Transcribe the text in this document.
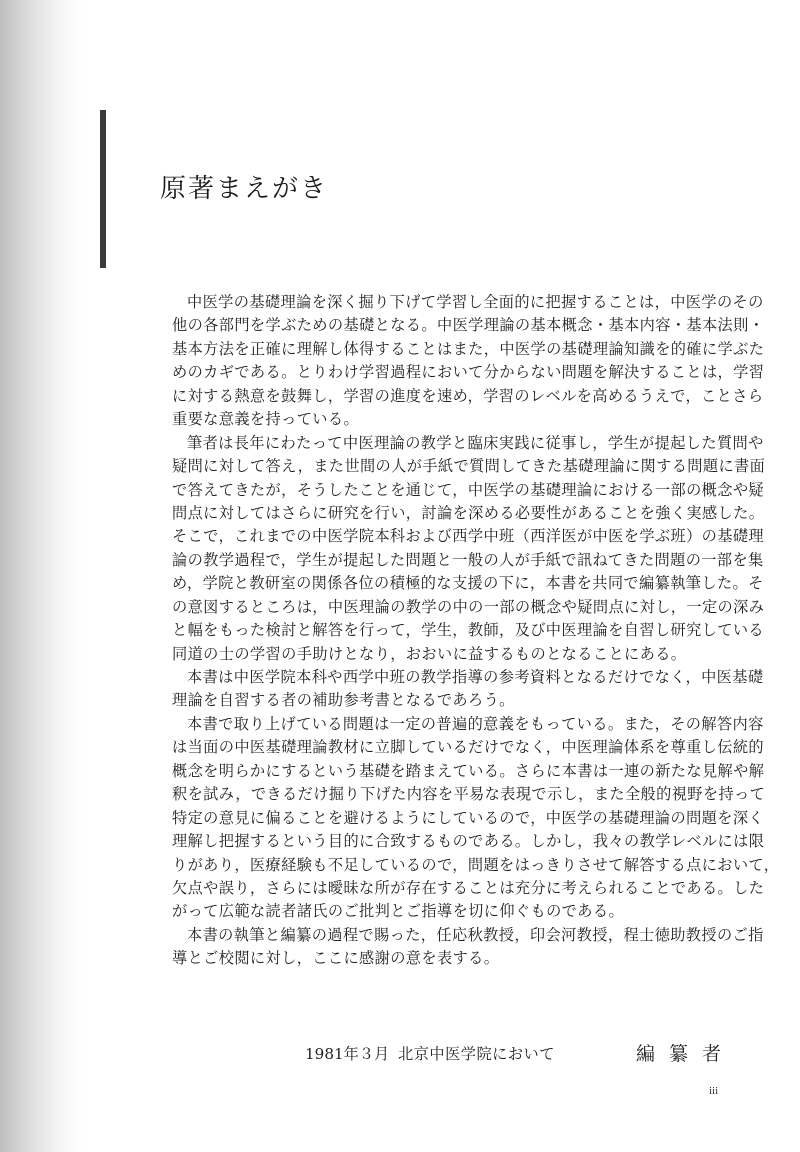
原著まえがき
中医学の基礎理論を深く掘り下げて学習し全面的に把握することは，中医学のその
他の各部門を学ぶための基礎となる。中医学理論の基本概念・基本内容・基本法則・
基本方法を正確に理解し体得することはまた，中医学の基礎理論知識を的確に学ぶた
めのカギである。とりわけ学習過程において分からない問題を解決することは，学習
に対する熱意を鼓舞し，学習の進度を速め，学習のレベルを高めるうえで，ことさら
重要な意義を持っている。
筆者は長年にわたって中医理論の教学と臨床実践に従事し，学生が提起した質問や
疑問に対して答え，また世間の人が手紙で質問してきた基礎理論に関する問題に書面
で答えてきたが，そうしたことを通じて，中医学の基礎理論における一部の概念や疑
問点に対してはさらに研究を行い，討論を深める必要性があることを強く実感した。
そこで，これまでの中医学院本科および西学中班（西洋医が中医を学ぶ班）の基礎理
論の教学過程で，学生が提起した問題と一般の人が手紙で訊ねてきた問題の一部を集
め，学院と教研室の関係各位の積極的な支援の下に，本書を共同で編纂執筆した。そ
の意図するところは，中医理論の教学の中の一部の概念や疑問点に対し，一定の深み
と幅をもった検討と解答を行って，学生，教師，及び中医理論を自習し研究している
同道の士の学習の手助けとなり，おおいに益するものとなることにある。
本書は中医学院本科や西学中班の教学指導の参考資料となるだけでなく，中医基礎
理論を自習する者の補助参考書となるであろう。
本書で取り上げている問題は一定の普遍的意義をもっている。また，その解答内容
は当面の中医基礎理論教材に立脚しているだけでなく，中医理論体系を尊重し伝統的
概念を明らかにするという基礎を踏まえている。さらに本書は一連の新たな見解や解
釈を試み，できるだけ掘り下げた内容を平易な表現で示し，また全般的視野を持って
特定の意見に偏ることを避けるようにしているので，中医学の基礎理論の問題を深く
理解し把握するという目的に合致するものである。しかし，我々の教学レベルには限
りがあり，医療経験も不足しているので，問題をはっきりさせて解答する点において，
欠点や誤り，さらには曖昧な所が存在することは充分に考えられることである。した
がって広範な読者諸氏のご批判とご指導を切に仰ぐものである。
本書の執筆と編纂の過程で賜った，任応秋教授，印会河教授，程士徳助教授のご指
導とご校閲に対し，ここに感謝の意を表する。
1981年３月 北京中医学院において	編纂者
iii
